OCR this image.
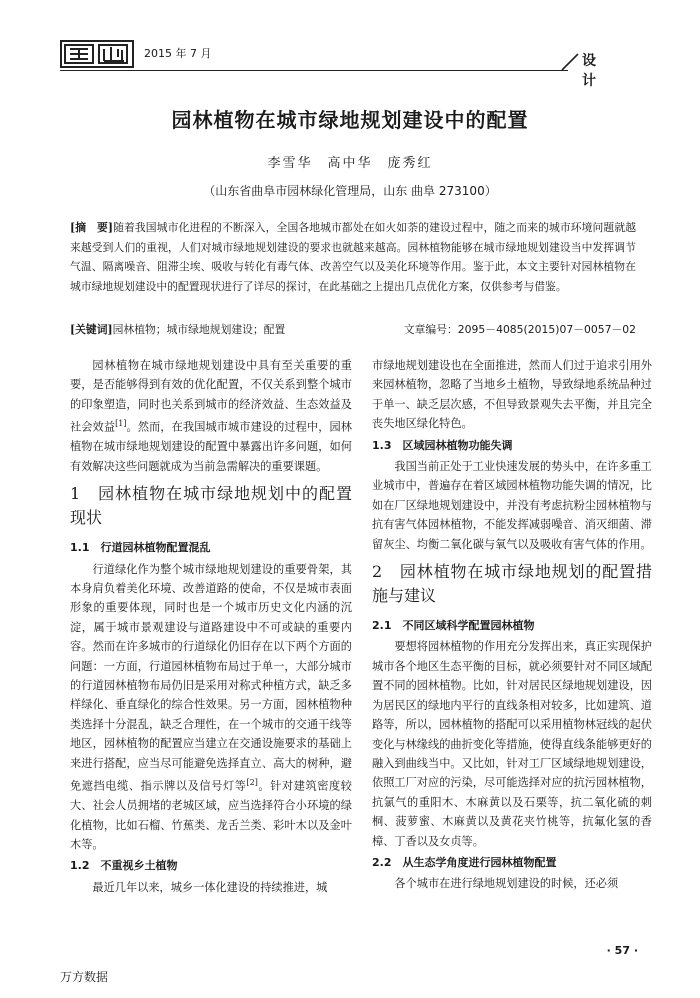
2015 年 7 月	设 计
园林植物在城市绿地规划建设中的配置
李雪华　高中华　庞秀红
（山东省曲阜市园林绿化管理局，山东 曲阜 273100）
[摘　要]随着我国城市化进程的不断深入，全国各地城市都处在如火如荼的建设过程中，随之而来的城市环境问题就越来越受到人们的重视，人们对城市绿地规划建设的要求也就越来越高。园林植物能够在城市绿地规划建设当中发挥调节气温、隔离噪音、阻滞尘埃、吸收与转化有毒气体、改善空气以及美化环境等作用。鉴于此，本文主要针对园林植物在城市绿地规划建设中的配置现状进行了详尽的探讨，在此基础之上提出几点优化方案，仅供参考与借鉴。
[关键词]园林植物；城市绿地规划建设；配置	文章编号：2095－4085(2015)07－0057－02

园林植物在城市绿地规划建设中具有至关重要的重要，是否能够得到有效的优化配置，不仅关系到整个城市的印象塑造，同时也关系到城市的经济效益、生态效益及社会效益[1]。然而，在我国城市城市建设的过程中，园林植物在城市绿地规划建设的配置中暴露出许多问题，如何有效解决这些问题就成为当前急需解决的重要课题。

1　园林植物在城市绿地规划中的配置现状
1.1　行道园林植物配置混乱

行道绿化作为整个城市绿地规划建设的重要骨架，其本身肩负着美化环境、改善道路的使命，不仅是城市表面形象的重要体现，同时也是一个城市历史文化内涵的沉淀，属于城市景观建设与道路建设中不可或缺的重要内容。然而在许多城市的行道绿化仍旧存在以下两个方面的问题：一方面，行道园林植物布局过于单一，大部分城市的行道园林植物布局仍旧是采用对称式种植方式，缺乏多样绿化、垂直绿化的综合性效果。另一方面，园林植物种类选择十分混乱，缺乏合理性，在一个城市的交通干线等地区，园林植物的配置应当建立在交通设施要求的基础上来进行搭配，应当尽可能避免选择直立、高大的树种，避免遮挡电缆、指示牌以及信号灯等[2]。针对建筑密度较大、社会人员拥堵的老城区域，应当选择符合小环境的绿化植物，比如石榴、竹蕉类、龙舌兰类、彩叶木以及金叶木等。

1.2　不重视乡土植物

最近几年以来，城乡一体化建设的持续推进，城

市绿地规划建设也在全面推进，然而人们过于追求引用外来园林植物，忽略了当地乡土植物，导致绿地系统品种过于单一、缺乏层次感，不但导致景观失去平衡，并且完全丧失地区绿化特色。

1.3　区域园林植物功能失调

我国当前正处于工业快速发展的势头中，在许多重工业城市中，普遍存在着区域园林植物功能失调的情况，比如在厂区绿地规划建设中，并没有考虑抗粉尘园林植物与抗有害气体园林植物，不能发挥减弱噪音、消灭细菌、滞留灰尘、均衡二氧化碳与氧气以及吸收有害气体的作用。

2　园林植物在城市绿地规划的配置措施与建议
2.1　不同区域科学配置园林植物

要想将园林植物的作用充分发挥出来，真正实现保护城市各个地区生态平衡的目标，就必须要针对不同区域配置不同的园林植物。比如，针对居民区绿地规划建设，因为居民区的绿地内平行的直线条相对较多，比如建筑、道路等，所以，园林植物的搭配可以采用植物林冠线的起伏变化与林缘线的曲折变化等措施，使得直线条能够更好的融入到曲线当中。又比如，针对工厂区域绿地规划建设，依照工厂对应的污染，尽可能选择对应的抗污园林植物，抗氯气的重阳木、木麻黄以及石栗等，抗二氧化硫的刺桐、菠萝蜜、木麻黄以及黄花夹竹桃等，抗氟化氢的香樟、丁香以及女贞等。

2.2　从生态学角度进行园林植物配置

各个城市在进行绿地规划建设的时候，还必须

· 57 ·
万方数据
